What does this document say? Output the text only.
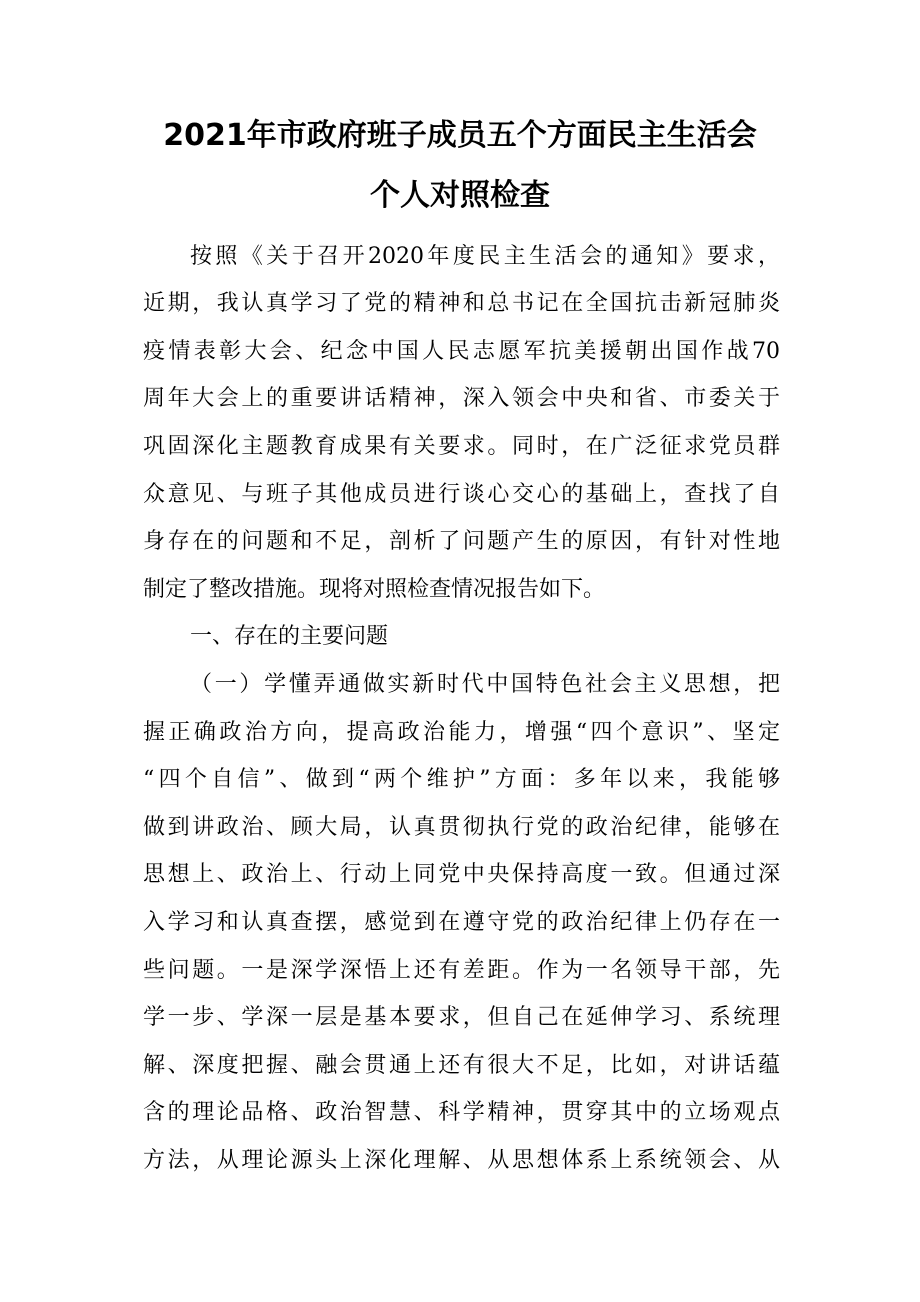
2021年市政府班子成员五个方面民主生活会
个人对照检查
按照《关于召开2020年度民主生活会的通知》要求，
近期，我认真学习了党的精神和总书记在全国抗击新冠肺炎
疫情表彰大会、纪念中国人民志愿军抗美援朝出国作战70
周年大会上的重要讲话精神，深入领会中央和省、市委关于
巩固深化主题教育成果有关要求。同时，在广泛征求党员群
众意见、与班子其他成员进行谈心交心的基础上，查找了自
身存在的问题和不足，剖析了问题产生的原因，有针对性地
制定了整改措施。现将对照检查情况报告如下。
一、存在的主要问题
（一）学懂弄通做实新时代中国特色社会主义思想，把
握正确政治方向，提高政治能力，增强“四个意识”、坚定
“四个自信”、做到“两个维护”方面：多年以来，我能够
做到讲政治、顾大局，认真贯彻执行党的政治纪律，能够在
思想上、政治上、行动上同党中央保持高度一致。但通过深
入学习和认真查摆，感觉到在遵守党的政治纪律上仍存在一
些问题。一是深学深悟上还有差距。作为一名领导干部，先
学一步、学深一层是基本要求，但自己在延伸学习、系统理
解、深度把握、融会贯通上还有很大不足，比如，对讲话蕴
含的理论品格、政治智慧、科学精神，贯穿其中的立场观点
方法，从理论源头上深化理解、从思想体系上系统领会、从
